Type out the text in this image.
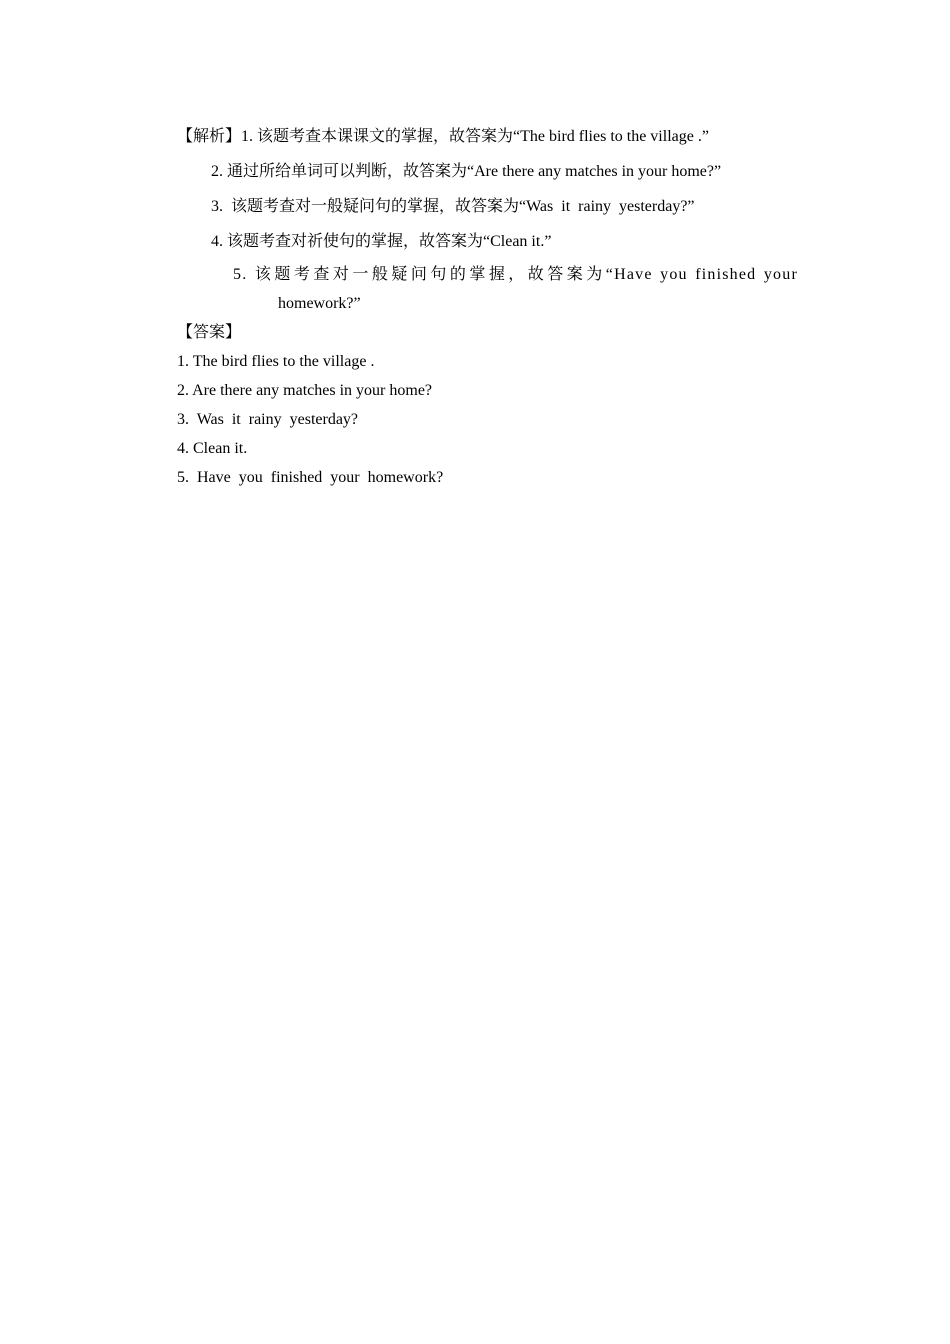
【解析】1. 该题考查本课课文的掌握，故答案为“The bird flies to the village .”
2. 通过所给单词可以判断，故答案为“Are there any matches in your home?”
3. 该题考查对一般疑问句的掌握，故答案为“Was it rainy yesterday?”
4. 该题考查对祈使句的掌握，故答案为“Clean it.”
5. 该题考查对一般疑问句的掌握，故答案为“Have you finished your
homework?”
【答案】
1. The bird flies to the village .
2. Are there any matches in your home?
3. Was it rainy yesterday?
4. Clean it.
5. Have you finished your homework?
